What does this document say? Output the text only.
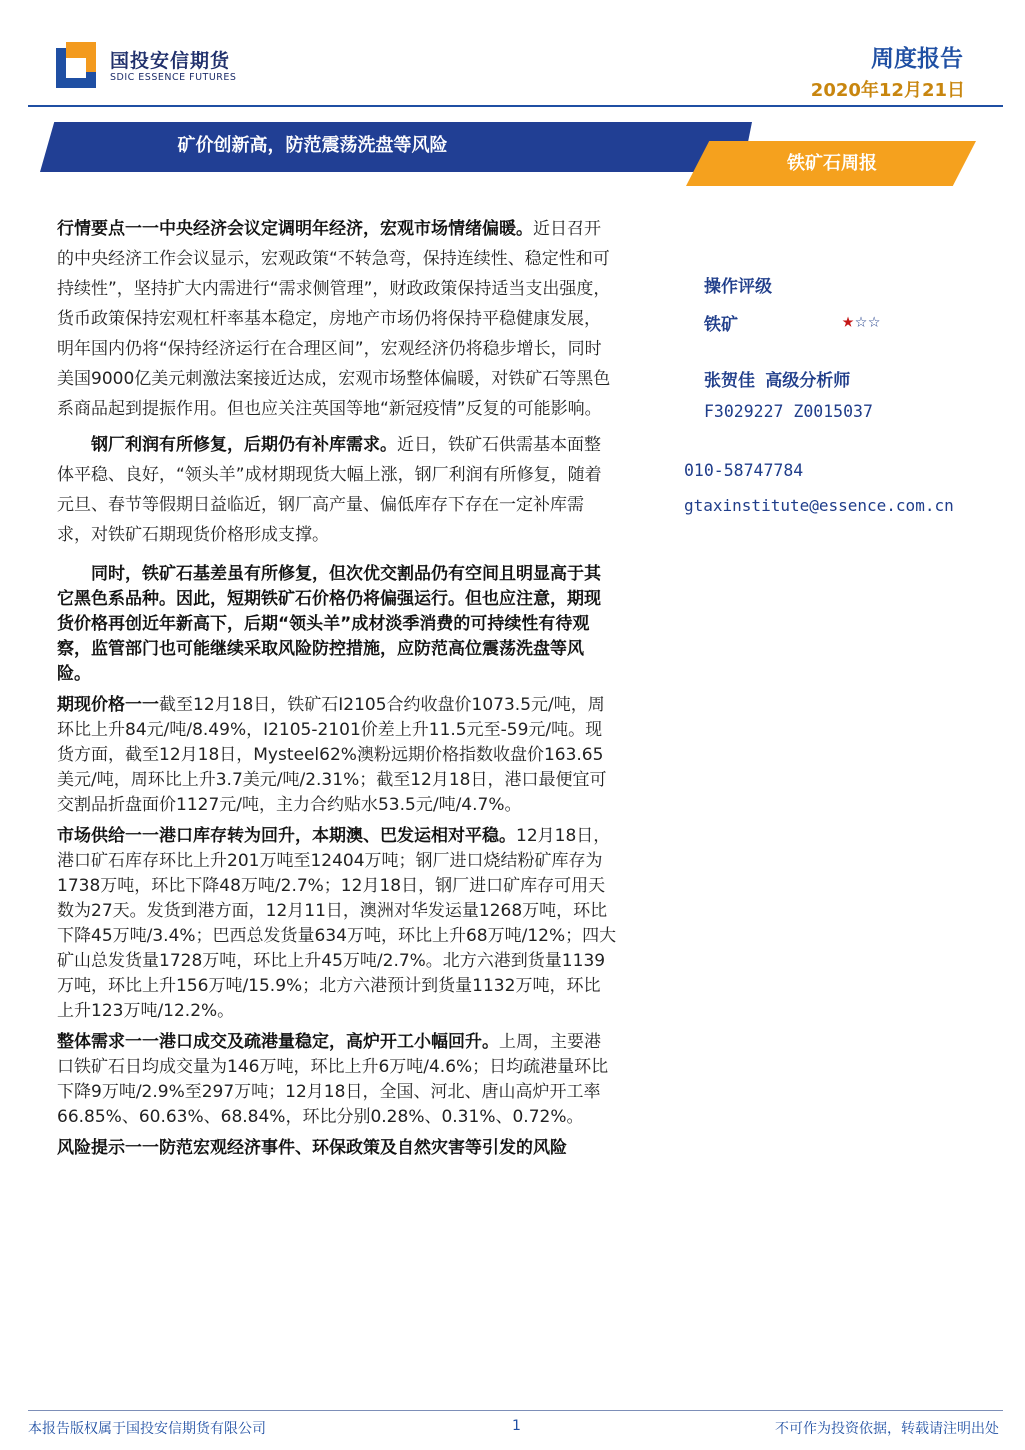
国投安信期货
SDIC ESSENCE FUTURES
周度报告
2020年12月21日
矿价创新高，防范震荡洗盘等风险
铁矿石周报

行情要点一一中央经济会议定调明年经济，宏观市场情绪偏暖。近日召开的中央经济工作会议显示，宏观政策“不转急弯，保持连续性、稳定性和可持续性”，坚持扩大内需进行“需求侧管理”，财政政策保持适当支出强度，货币政策保持宏观杠杆率基本稳定，房地产市场仍将保持平稳健康发展，明年国内仍将“保持经济运行在合理区间”，宏观经济仍将稳步增长，同时美国9000亿美元刺激法案接近达成，宏观市场整体偏暖，对铁矿石等黑色系商品起到提振作用。但也应关注英国等地“新冠疫情”反复的可能影响。

钢厂利润有所修复，后期仍有补库需求。近日，铁矿石供需基本面整体平稳、良好，“领头羊”成材期现货大幅上涨，钢厂利润有所修复，随着元旦、春节等假期日益临近，钢厂高产量、偏低库存下存在一定补库需求，对铁矿石期现货价格形成支撑。

同时，铁矿石基差虽有所修复，但次优交割品仍有空间且明显高于其它黑色系品种。因此，短期铁矿石价格仍将偏强运行。但也应注意，期现货价格再创近年新高下，后期“领头羊”成材淡季消费的可持续性有待观察，监管部门也可能继续采取风险防控措施，应防范高位震荡洗盘等风险。

期现价格一一截至12月18日，铁矿石I2105合约收盘价1073.5元/吨，周环比上升84元/吨/8.49%，I2105-2101价差上升11.5元至-59元/吨。现货方面，截至12月18日，Mysteel62%澳粉远期价格指数收盘价163.65美元/吨，周环比上升3.7美元/吨/2.31%；截至12月18日，港口最便宜可交割品折盘面价1127元/吨，主力合约贴水53.5元/吨/4.7%。

市场供给一一港口库存转为回升，本期澳、巴发运相对平稳。12月18日，港口矿石库存环比上升201万吨至12404万吨；钢厂进口烧结粉矿库存为1738万吨，环比下降48万吨/2.7%；12月18日，钢厂进口矿库存可用天数为27天。发货到港方面，12月11日，澳洲对华发运量1268万吨，环比下降45万吨/3.4%；巴西总发货量634万吨，环比上升68万吨/12%；四大矿山总发货量1728万吨，环比上升45万吨/2.7%。北方六港到货量1139万吨，环比上升156万吨/15.9%；北方六港预计到货量1132万吨，环比上升123万吨/12.2%。

整体需求一一港口成交及疏港量稳定，高炉开工小幅回升。上周，主要港口铁矿石日均成交量为146万吨，环比上升6万吨/4.6%；日均疏港量环比下降9万吨/2.9%至297万吨；12月18日，全国、河北、唐山高炉开工率66.85%、60.63%、68.84%，环比分别0.28%、0.31%、0.72%。

风险提示一一防范宏观经济事件、环保政策及自然灾害等引发的风险

操作评级
铁矿	★☆☆
张贺佳 高级分析师
F3029227 Z0015037
010-58747784
gtaxinstitute@essence.com.cn
本报告版权属于国投安信期货有限公司	1	不可作为投资依据，转载请注明出处
